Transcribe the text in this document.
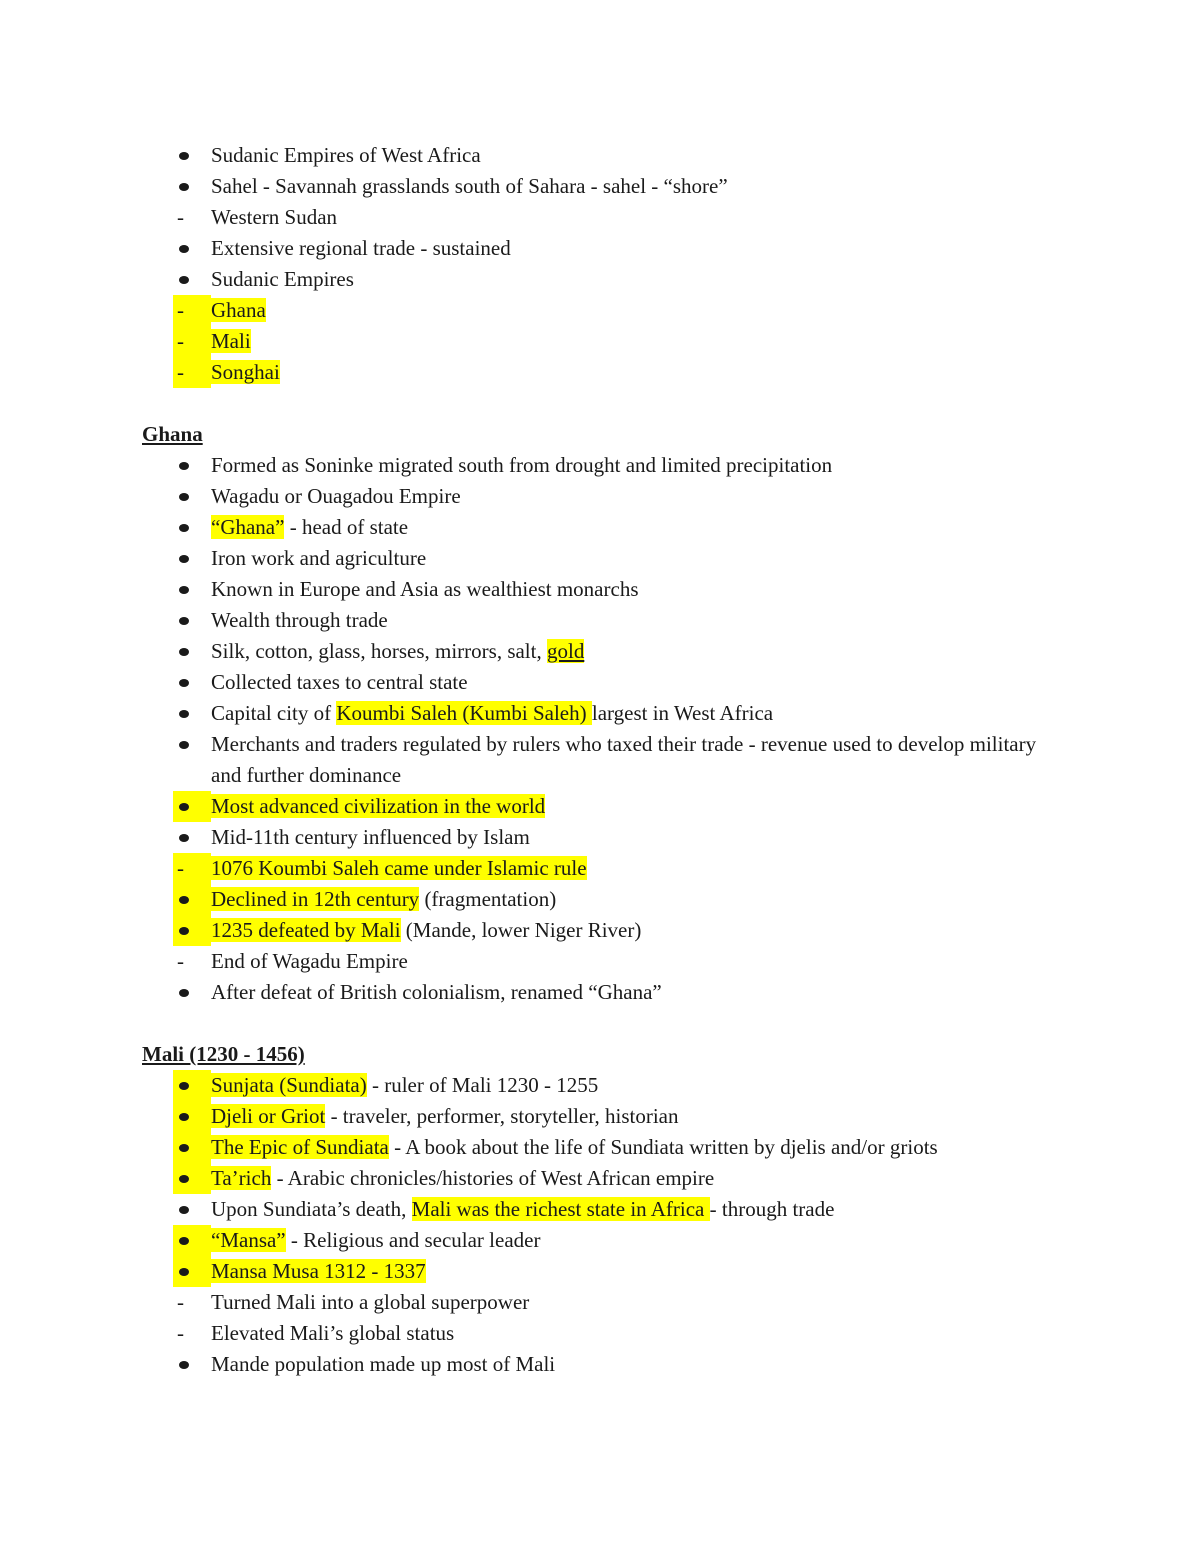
Sudanic Empires of West Africa
Sahel - Savannah grasslands south of Sahara - sahel - “shore”
-
Western Sudan
Extensive regional trade - sustained
Sudanic Empires
-
Ghana
-
Mali
-
Songhai
Ghana
Formed as Soninke migrated south from drought and limited precipitation
Wagadu or Ouagadou Empire
“Ghana” - head of state
Iron work and agriculture
Known in Europe and Asia as wealthiest monarchs
Wealth through trade
Silk, cotton, glass, horses, mirrors, salt, gold
Collected taxes to central state
Capital city of Koumbi Saleh (Kumbi Saleh) largest in West Africa
Merchants and traders regulated by rulers who taxed their trade - revenue used to develop military and further dominance
Most advanced civilization in the world
Mid-11th century influenced by Islam
-
1076 Koumbi Saleh came under Islamic rule
Declined in 12th century (fragmentation)
1235 defeated by Mali (Mande, lower Niger River)
-
End of Wagadu Empire
After defeat of British colonialism, renamed “Ghana”
Mali (1230 - 1456)
Sunjata (Sundiata) - ruler of Mali 1230 - 1255
Djeli or Griot - traveler, performer, storyteller, historian
The Epic of Sundiata - A book about the life of Sundiata written by djelis and/or griots
Ta’rich - Arabic chronicles/histories of West African empire
Upon Sundiata’s death, Mali was the richest state in Africa - through trade
“Mansa” - Religious and secular leader
Mansa Musa 1312 - 1337
-
Turned Mali into a global superpower
-
Elevated Mali’s global status
Mande population made up most of Mali
